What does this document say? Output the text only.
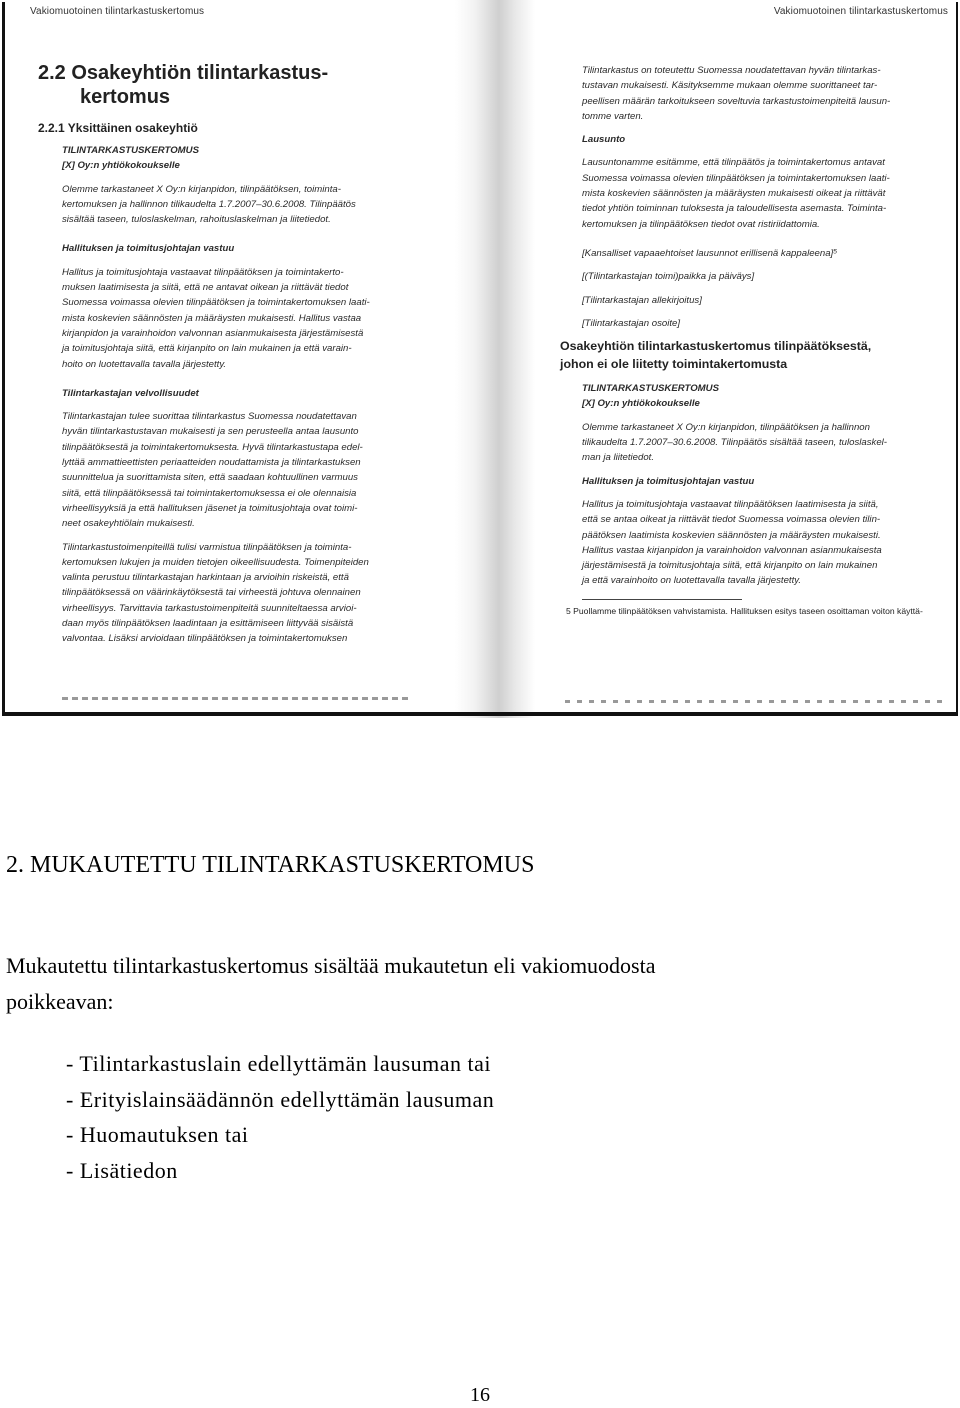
Vakiomuotoinen tilintarkastuskertomus
2.2 Osakeyhtiön tilintarkastus-
kertomus
2.2.1 Yksittäinen osakeyhtiö
TILINTARKASTUSKERTOMUS
[X] Oy:n yhtiökokoukselle
Olemme tarkastaneet X Oy:n kirjanpidon, tilinpäätöksen, toiminta-
kertomuksen ja hallinnon tilikaudelta 1.7.2007–30.6.2008. Tilinpäätös
sisältää taseen, tuloslaskelman, rahoituslaskelman ja liitetiedot.
Hallituksen ja toimitusjohtajan vastuu
Hallitus ja toimitusjohtaja vastaavat tilinpäätöksen ja toimintakerto-
muksen laatimisesta ja siitä, että ne antavat oikean ja riittävät tiedot
Suomessa voimassa olevien tilinpäätöksen ja toimintakertomuksen laati-
mista koskevien säännösten ja määräysten mukaisesti. Hallitus vastaa
kirjanpidon ja varainhoidon valvonnan asianmukaisesta järjestämisestä
ja toimitusjohtaja siitä, että kirjanpito on lain mukainen ja että varain-
hoito on luotettavalla tavalla järjestetty.
Tilintarkastajan velvollisuudet
Tilintarkastajan tulee suorittaa tilintarkastus Suomessa noudatettavan
hyvän tilintarkastustavan mukaisesti ja sen perusteella antaa lausunto
tilinpäätöksestä ja toimintakertomuksesta. Hyvä tilintarkastustapa edel-
lyttää ammattieettisten periaatteiden noudattamista ja tilintarkastuksen
suunnittelua ja suorittamista siten, että saadaan kohtuullinen varmuus
siitä, että tilinpäätöksessä tai toimintakertomuksessa ei ole olennaisia
virheellisyyksiä ja että hallituksen jäsenet ja toimitusjohtaja ovat toimi-
neet osakeyhtiölain mukaisesti.
Tilintarkastustoimenpiteillä tulisi varmistua tilinpäätöksen ja toiminta-
kertomuksen lukujen ja muiden tietojen oikeellisuudesta. Toimenpiteiden
valinta perustuu tilintarkastajan harkintaan ja arvioihin riskeistä, että
tilinpäätöksessä on väärinkäytöksestä tai virheestä johtuva olennainen
virheellisyys. Tarvittavia tarkastustoimenpiteitä suunniteltaessa arvioi-
daan myös tilinpäätöksen laadintaan ja esittämiseen liittyvää sisäistä
valvontaa. Lisäksi arvioidaan tilinpäätöksen ja toimintakertomuksen
Vakiomuotoinen tilintarkastuskertomus
Tilintarkastus on toteutettu Suomessa noudatettavan hyvän tilintarkas-
tustavan mukaisesti. Käsityksemme mukaan olemme suorittaneet tar-
peellisen määrän tarkoitukseen soveltuvia tarkastustoimenpiteitä lausun-
tomme varten.
Lausunto
Lausuntonamme esitämme, että tilinpäätös ja toimintakertomus antavat
Suomessa voimassa olevien tilinpäätöksen ja toimintakertomuksen laati-
mista koskevien säännösten ja määräysten mukaisesti oikeat ja riittävät
tiedot yhtiön toiminnan tuloksesta ja taloudellisesta asemasta. Toiminta-
kertomuksen ja tilinpäätöksen tiedot ovat ristiriidattomia.
[Kansalliset vapaaehtoiset lausunnot erillisenä kappaleena]⁵
[(Tilintarkastajan toimi)paikka ja päiväys]
[Tilintarkastajan allekirjoitus]
[Tilintarkastajan osoite]
Osakeyhtiön tilintarkastuskertomus tilinpäätöksestä,
johon ei ole liitetty toimintakertomusta
TILINTARKASTUSKERTOMUS
[X] Oy:n yhtiökokoukselle
Olemme tarkastaneet X Oy:n kirjanpidon, tilinpäätöksen ja hallinnon
tilikaudelta 1.7.2007–30.6.2008. Tilinpäätös sisältää taseen, tuloslaskel-
man ja liitetiedot.
Hallituksen ja toimitusjohtajan vastuu
Hallitus ja toimitusjohtaja vastaavat tilinpäätöksen laatimisesta ja siitä,
että se antaa oikeat ja riittävät tiedot Suomessa voimassa olevien tilin-
päätöksen laatimista koskevien säännösten ja määräysten mukaisesti.
Hallitus vastaa kirjanpidon ja varainhoidon valvonnan asianmukaisesta
järjestämisestä ja toimitusjohtaja siitä, että kirjanpito on lain mukainen
ja että varainhoito on luotettavalla tavalla järjestetty.
5 Puollamme tilinpäätöksen vahvistamista. Hallituksen esitys taseen osoittaman voiton käyttä-
2. MUKAUTETTU TILINTARKASTUSKERTOMUS
Mukautettu tilintarkastuskertomus sisältää mukautetun eli vakiomuodosta
poikkeavan:
- Tilintarkastuslain edellyttämän lausuman tai
- Erityislainsäädännön edellyttämän lausuman
- Huomautuksen tai
- Lisätiedon
16
